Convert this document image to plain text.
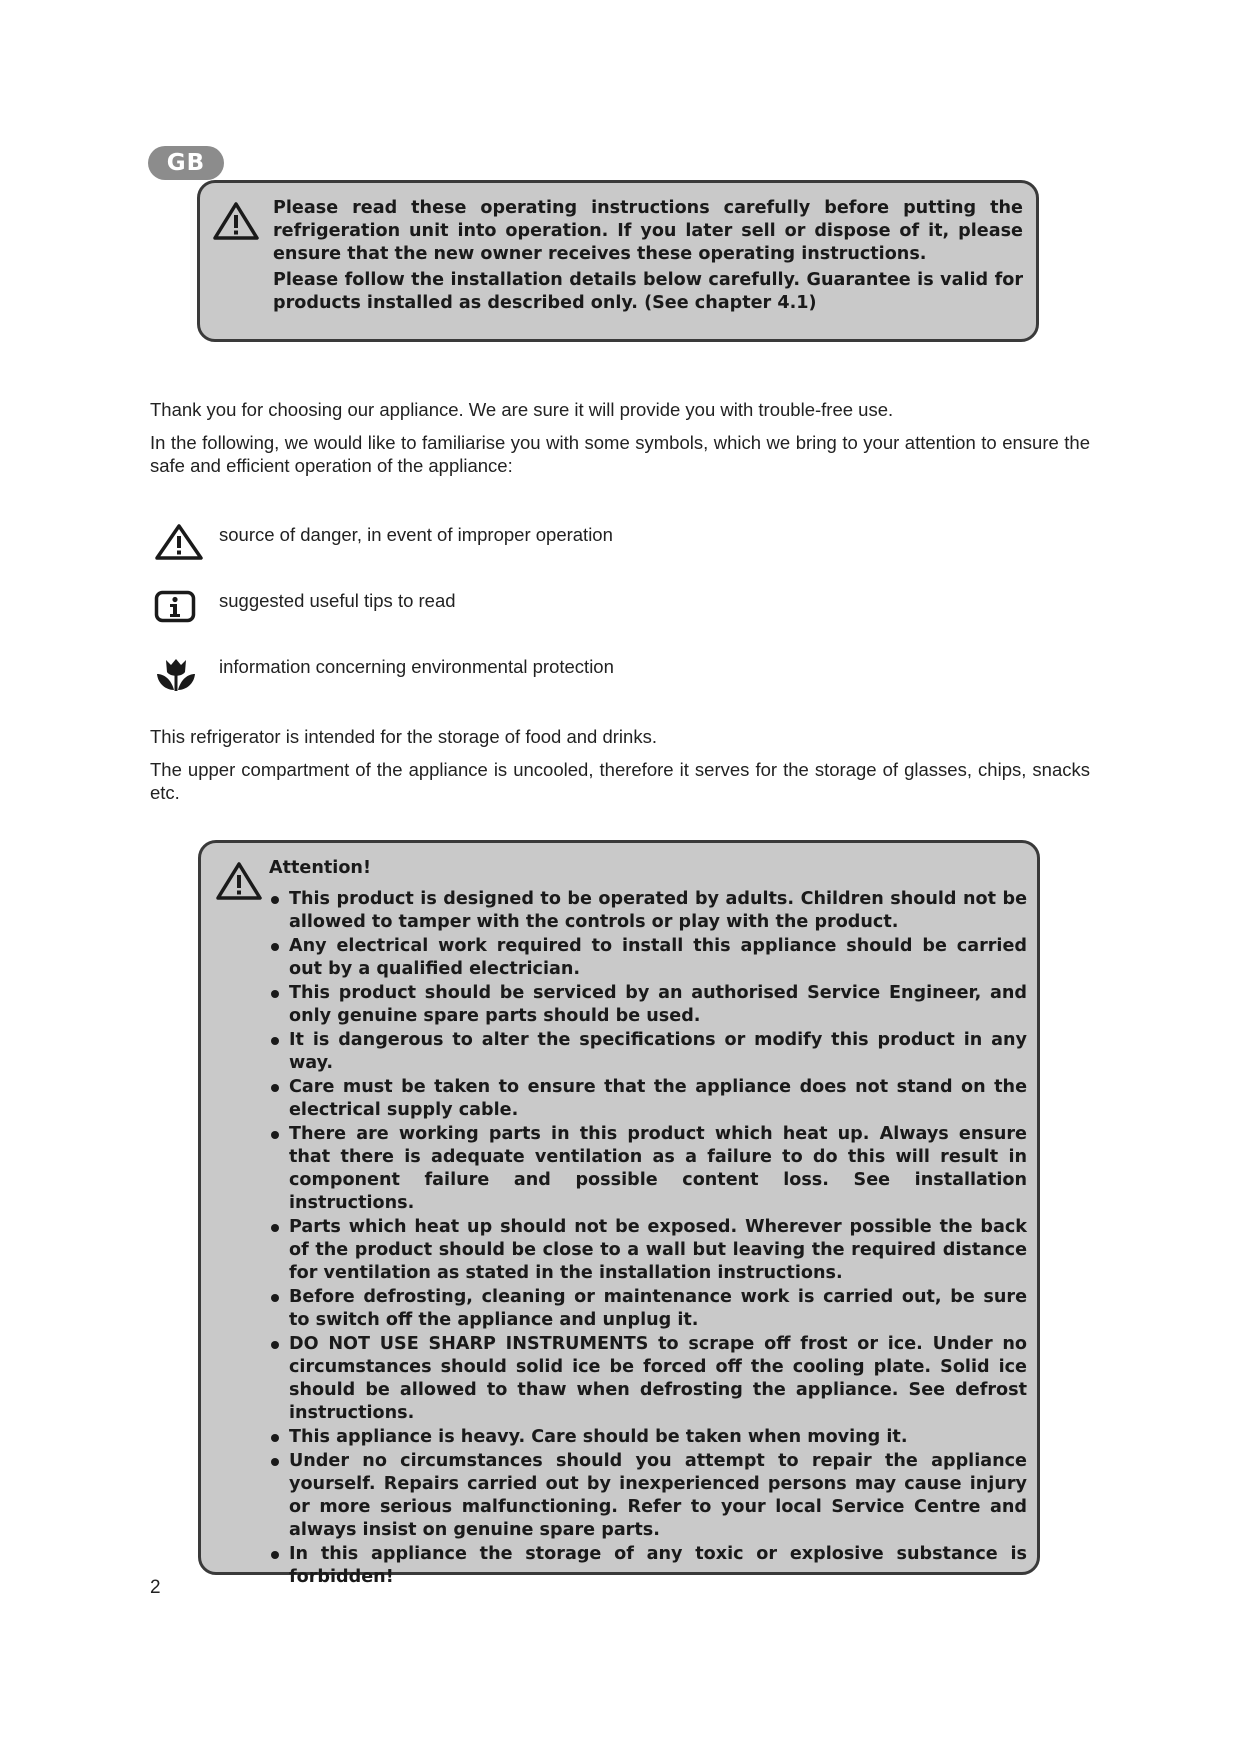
GB

Please read these operating instructions carefully before putting the refrigeration unit into operation. If you later sell or dispose of it, please ensure that the new owner receives these operating instructions.

Please follow the installation details below carefully. Guarantee is valid for products installed as described only. (See chapter 4.1)

Thank you for choosing our appliance. We are sure it will provide you with trouble-free use.
In the following, we would like to familiarise you with some symbols, which we bring to your attention to ensure the safe and efficient operation of the appliance:
source of danger, in event of improper operation
suggested useful tips to read
information concerning environmental protection
This refrigerator is intended for the storage of food and drinks.
The upper compartment of the appliance is uncooled, therefore it serves for the storage of glasses, chips, snacks etc.
Attention!
This product is designed to be operated by adults. Children should not be allowed to tamper with the controls or play with the product.
Any electrical work required to install this appliance should be carried out by a qualified electrician.
This product should be serviced by an authorised Service Engineer, and only genuine spare parts should be used.
It is dangerous to alter the specifications or modify this product in any way.
Care must be taken to ensure that the appliance does not stand on the electrical supply cable.
There are working parts in this product which heat up. Always ensure that there is adequate ventilation as a failure to do this will result in component failure and possible content loss. See installation instructions.
Parts which heat up should not be exposed. Wherever possible the back of the product should be close to a wall but leaving the required distance for ventilation as stated in the installation instructions.
Before defrosting, cleaning or maintenance work is carried out, be sure to switch off the appliance and unplug it.
DO NOT USE SHARP INSTRUMENTS to scrape off frost or ice. Under no circumstances should solid ice be forced off the cooling plate. Solid ice should be allowed to thaw when defrosting the appliance. See defrost instructions.
This appliance is heavy. Care should be taken when moving it.
Under no circumstances should you attempt to repair the appliance yourself. Repairs carried out by inexperienced persons may cause injury or more serious malfunctioning. Refer to your local Service Centre and always insist on genuine spare parts.
In this appliance the storage of any toxic or explosive substance is forbidden!
2
